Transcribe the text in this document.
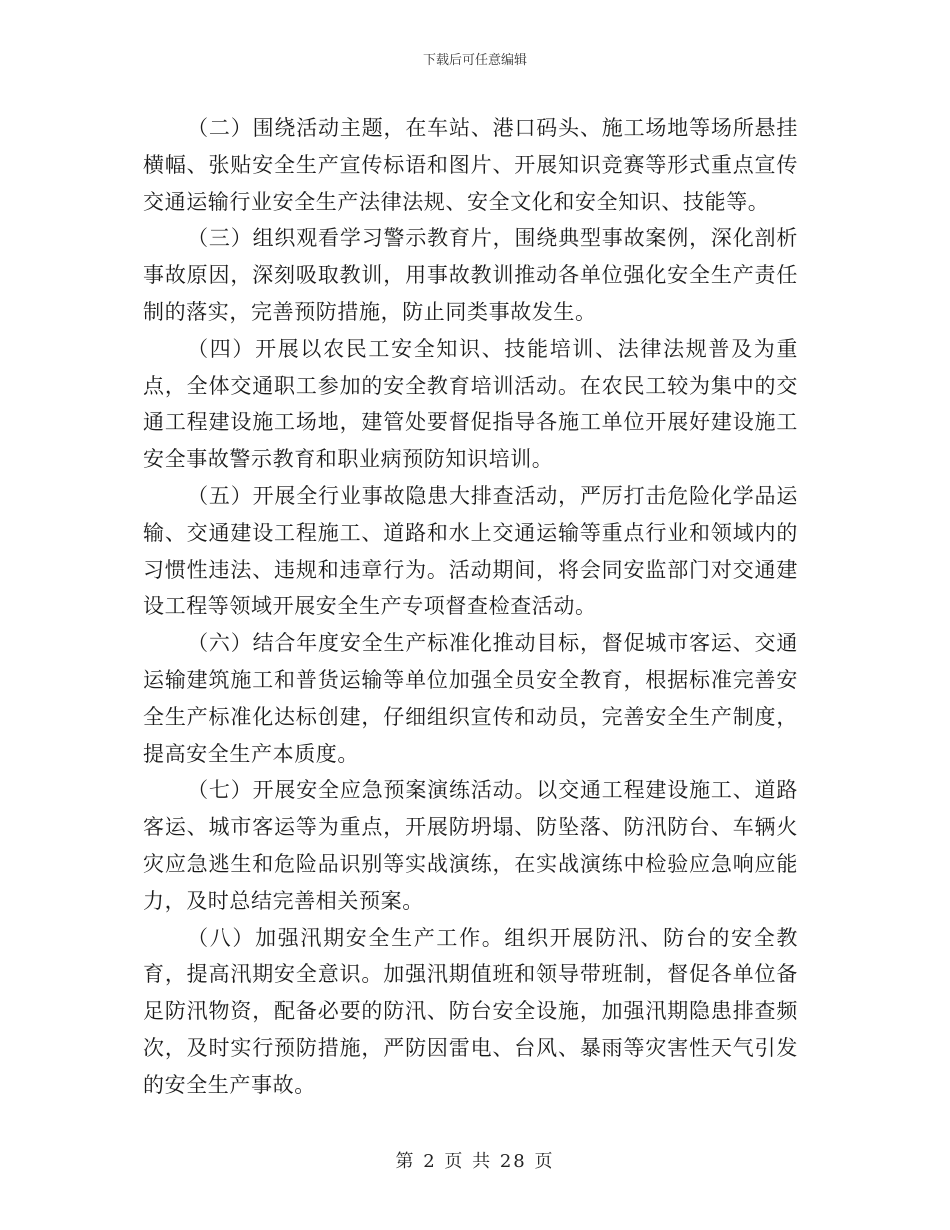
下载后可任意编辑

（二）围绕活动主题，在车站、港口码头、施工场地等场所悬挂横幅、张贴安全生产宣传标语和图片、开展知识竞赛等形式重点宣传交通运输行业安全生产法律法规、安全文化和安全知识、技能等。

（三）组织观看学习警示教育片，围绕典型事故案例，深化剖析事故原因，深刻吸取教训，用事故教训推动各单位强化安全生产责任制的落实，完善预防措施，防止同类事故发生。

（四）开展以农民工安全知识、技能培训、法律法规普及为重点，全体交通职工参加的安全教育培训活动。在农民工较为集中的交通工程建设施工场地，建管处要督促指导各施工单位开展好建设施工安全事故警示教育和职业病预防知识培训。

（五）开展全行业事故隐患大排查活动，严厉打击危险化学品运输、交通建设工程施工、道路和水上交通运输等重点行业和领域内的习惯性违法、违规和违章行为。活动期间，将会同安监部门对交通建设工程等领域开展安全生产专项督查检查活动。

（六）结合年度安全生产标准化推动目标，督促城市客运、交通运输建筑施工和普货运输等单位加强全员安全教育，根据标准完善安全生产标准化达标创建，仔细组织宣传和动员，完善安全生产制度，提高安全生产本质度。

（七）开展安全应急预案演练活动。以交通工程建设施工、道路客运、城市客运等为重点，开展防坍塌、防坠落、防汛防台、车辆火灾应急逃生和危险品识别等实战演练，在实战演练中检验应急响应能力，及时总结完善相关预案。

（八）加强汛期安全生产工作。组织开展防汛、防台的安全教育，提高汛期安全意识。加强汛期值班和领导带班制，督促各单位备足防汛物资，配备必要的防汛、防台安全设施，加强汛期隐患排查频次，及时实行预防措施，严防因雷电、台风、暴雨等灾害性天气引发的安全生产事故。

第 2 页 共 28 页
